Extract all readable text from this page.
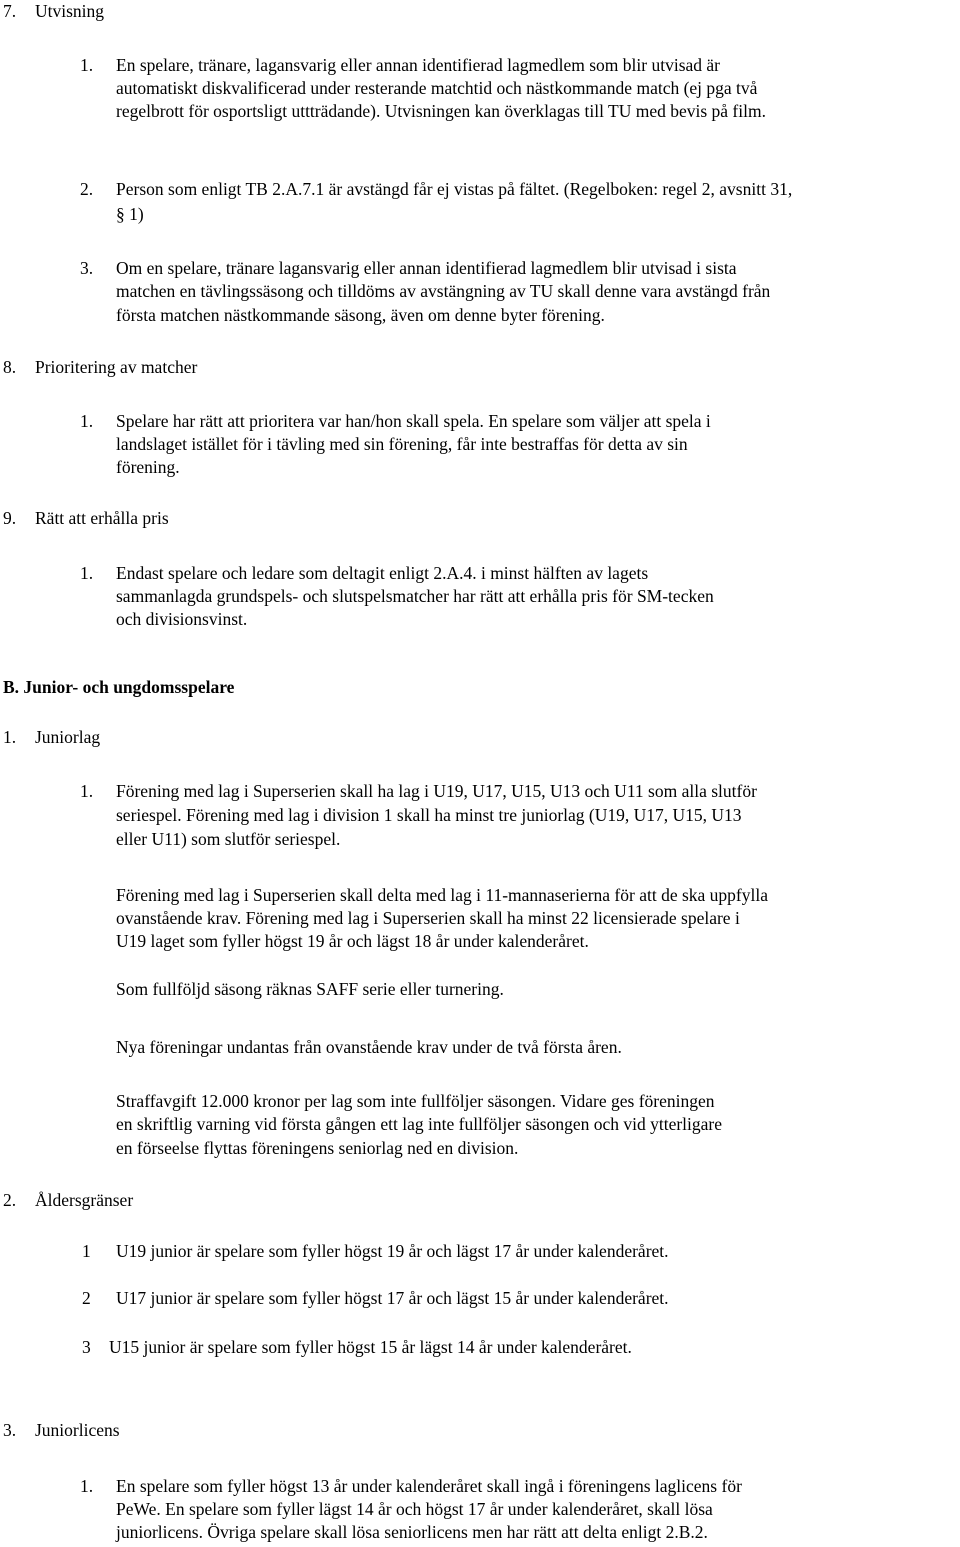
7. Utvisning
1. En spelare, tränare, lagansvarig eller annan identifierad lagmedlem som blir utvisad är
automatiskt diskvalificerad under resterande matchtid och nästkommande match (ej pga två
regelbrott för osportsligt uttträdande). Utvisningen kan överklagas till TU med bevis på film.
2. Person som enligt TB 2.A.7.1 är avstängd får ej vistas på fältet. (Regelboken: regel 2, avsnitt 31,
§ 1)
3. Om en spelare, tränare lagansvarig eller annan identifierad lagmedlem blir utvisad i sista
matchen en tävlingssäsong och tilldöms av avstängning av TU skall denne vara avstängd från
första matchen nästkommande säsong, även om denne byter förening.
8. Prioritering av matcher
1. Spelare har rätt att prioritera var han/hon skall spela. En spelare som väljer att spela i
landslaget istället för i tävling med sin förening, får inte bestraffas för detta av sin
förening.
9. Rätt att erhålla pris
1. Endast spelare och ledare som deltagit enligt 2.A.4. i minst hälften av lagets
sammanlagda grundspels- och slutspelsmatcher har rätt att erhålla pris för SM-tecken
och divisionsvinst.
B. Junior- och ungdomsspelare
1. Juniorlag
1. Förening med lag i Superserien skall ha lag i U19, U17, U15, U13 och U11 som alla slutför
seriespel. Förening med lag i division 1 skall ha minst tre juniorlag (U19, U17, U15, U13
eller U11) som slutför seriespel.
Förening med lag i Superserien skall delta med lag i 11-mannaserierna för att de ska uppfylla
ovanstående krav. Förening med lag i Superserien skall ha minst 22 licensierade spelare i
U19 laget som fyller högst 19 år och lägst 18 år under kalenderåret.
Som fullföljd säsong räknas SAFF serie eller turnering.
Nya föreningar undantas från ovanstående krav under de två första åren.
Straffavgift 12.000 kronor per lag som inte fullföljer säsongen. Vidare ges föreningen
en skriftlig varning vid första gången ett lag inte fullföljer säsongen och vid ytterligare
en förseelse flyttas föreningens seniorlag ned en division.
2. Åldersgränser
1 U19 junior är spelare som fyller högst 19 år och lägst 17 år under kalenderåret.
2 U17 junior är spelare som fyller högst 17 år och lägst 15 år under kalenderåret.
3 U15 junior är spelare som fyller högst 15 år lägst 14 år under kalenderåret.
3. Juniorlicens
1. En spelare som fyller högst 13 år under kalenderåret skall ingå i föreningens laglicens för
PeWe. En spelare som fyller lägst 14 år och högst 17 år under kalenderåret, skall lösa
juniorlicens. Övriga spelare skall lösa seniorlicens men har rätt att delta enligt 2.B.2.
